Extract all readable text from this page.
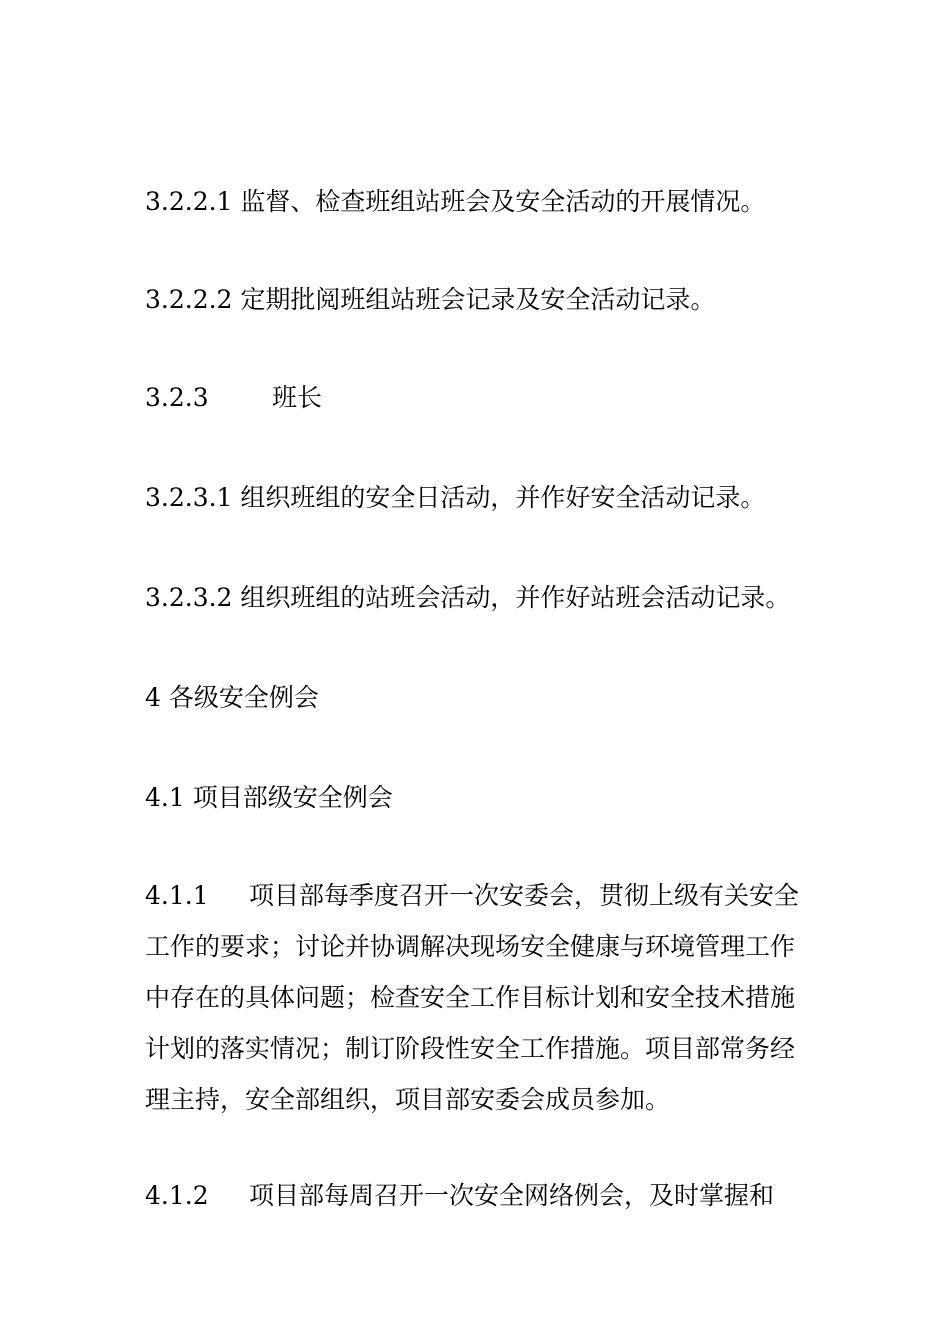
3.2.2.1 监督、检查班组站班会及安全活动的开展情况。
3.2.2.2 定期批阅班组站班会记录及安全活动记录。
3.2.3	班长
3.2.3.1 组织班组的安全日活动，并作好安全活动记录。
3.2.3.2 组织班组的站班会活动，并作好站班会活动记录。
4 各级安全例会
4.1 项目部级安全例会
4.1.1 项目部每季度召开一次安委会，贯彻上级有关安全工作的要求；讨论并协调解决现场安全健康与环境管理工作中存在的具体问题；检查安全工作目标计划和安全技术措施计划的落实情况；制订阶段性安全工作措施。项目部常务经理主持，安全部组织，项目部安委会成员参加。
4.1.2 项目部每周召开一次安全网络例会，及时掌握和
